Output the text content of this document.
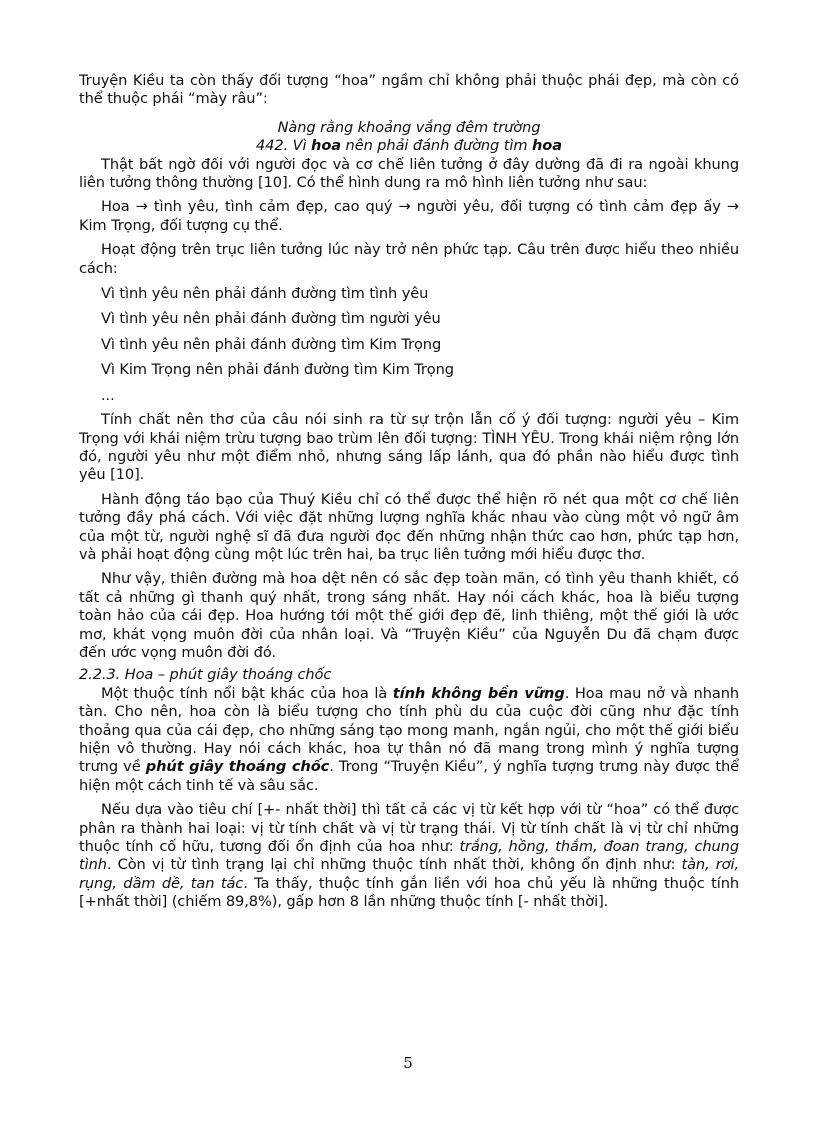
Truyện Kiều ta còn thấy đối tượng “hoa” ngầm chỉ không phải thuộc phái đẹp, mà còn có thể thuộc phái “mày râu”:

Nàng rằng khoảng vắng đêm trường

442. Vì hoa nên phải đánh đường tìm hoa

Thật bất ngờ đối với người đọc và cơ chế liên tưởng ở đây dường đã đi ra ngoài khung liên tưởng thông thường [10]. Có thể hình dung ra mô hình liên tưởng như sau:

Hoa → tình yêu, tình cảm đẹp, cao quý → người yêu, đối tượng có tình cảm đẹp ấy → Kim Trọng, đối tượng cụ thể.

Hoạt động trên trục liên tưởng lúc này trở nên phức tạp. Câu trên được hiểu theo nhiều cách:

Vì tình yêu nên phải đánh đường tìm tình yêu

Vì tình yêu nên phải đánh đường tìm người yêu

Vì tình yêu nên phải đánh đường tìm Kim Trọng

Vì Kim Trọng nên phải đánh đường tìm Kim Trọng

...

Tính chất nên thơ của câu nói sinh ra từ sự trộn lẫn cố ý đối tượng: người yêu – Kim Trọng với khái niệm trừu tượng bao trùm lên đối tượng: TÌNH YÊU. Trong khái niệm rộng lớn đó, người yêu như một điểm nhỏ, nhưng sáng lấp lánh, qua đó phần nào hiểu được tình yêu [10].

Hành động táo bạo của Thuý Kiều chỉ có thể được thể hiện rõ nét qua một cơ chế liên tưởng đầy phá cách. Với việc đặt những lượng nghĩa khác nhau vào cùng một vỏ ngữ âm của một từ, người nghệ sĩ đã đưa người đọc đến những nhận thức cao hơn, phức tạp hơn, và phải hoạt động cùng một lúc trên hai, ba trục liên tưởng mới hiểu được thơ.

Như vậy, thiên đường mà hoa dệt nên có sắc đẹp toàn mãn, có tình yêu thanh khiết, có tất cả những gì thanh quý nhất, trong sáng nhất. Hay nói cách khác, hoa là biểu tượng toàn hảo của cái đẹp. Hoa hướng tới một thế giới đẹp đẽ, linh thiêng, một thế giới là ước mơ, khát vọng muôn đời của nhân loại. Và “Truyện Kiều” của Nguyễn Du đã chạm được đến ước vọng muôn đời đó.

2.2.3. Hoa – phút giây thoáng chốc

Một thuộc tính nổi bật khác của hoa là tính không bền vững. Hoa mau nở và nhanh tàn. Cho nên, hoa còn là biểu tượng cho tính phù du của cuộc đời cũng như đặc tính thoảng qua của cái đẹp, cho những sáng tạo mong manh, ngắn ngủi, cho một thế giới biểu hiện vô thường. Hay nói cách khác, hoa tự thân nó đã mang trong mình ý nghĩa tượng trưng về phút giây thoáng chốc. Trong “Truyện Kiều”, ý nghĩa tượng trưng này được thể hiện một cách tinh tế và sâu sắc.

Nếu dựa vào tiêu chí [+- nhất thời] thì tất cả các vị từ kết hợp với từ “hoa” có thể được phân ra thành hai loại: vị từ tính chất và vị từ trạng thái. Vị từ tính chất là vị từ chỉ những thuộc tính cố hữu, tương đối ổn định của hoa như: trắng, hồng, thắm, đoan trang, chung tình. Còn vị từ tình trạng lại chỉ những thuộc tính nhất thời, không ổn định như: tàn, rơi, rụng, dầm dề, tan tác. Ta thấy, thuộc tính gắn liền với hoa chủ yếu là những thuộc tính [+nhất thời] (chiếm 89,8%), gấp hơn 8 lần những thuộc tính [- nhất thời].

5
